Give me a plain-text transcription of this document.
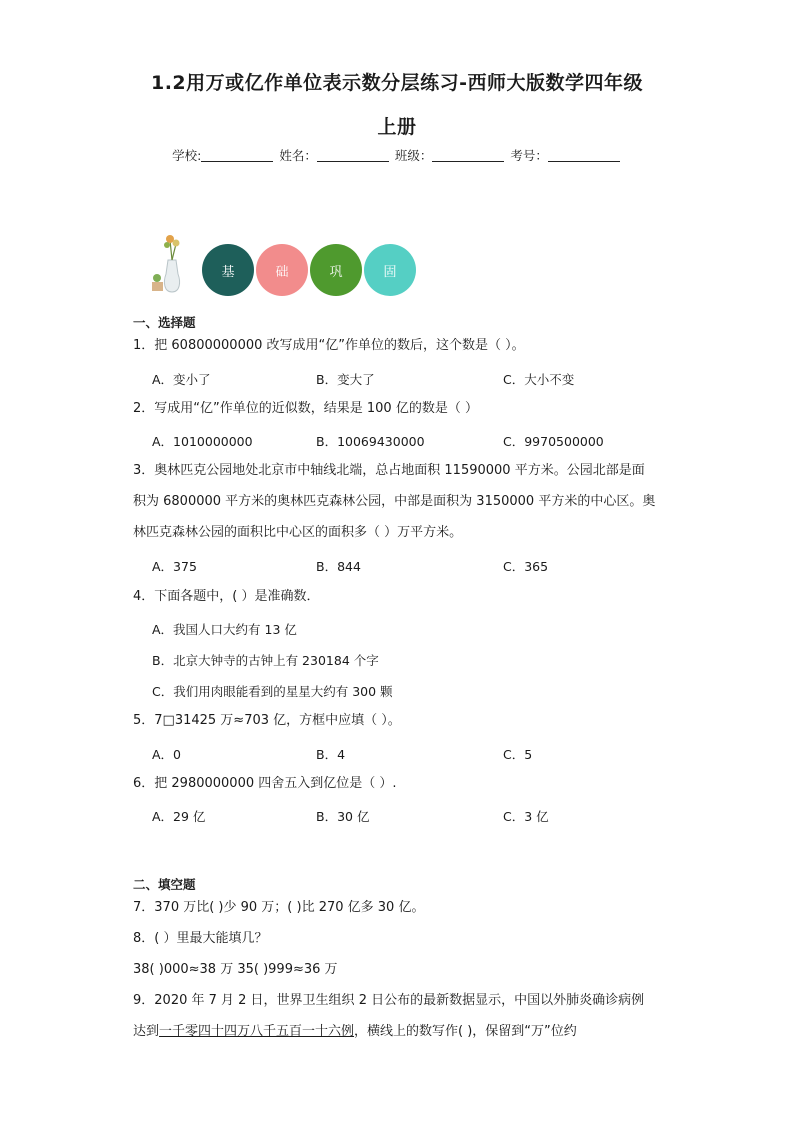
1.2用万或亿作单位表示数分层练习-西师大版数学四年级
上册
学校:	姓名：	班级：	考号：
基	础	巩	固
一、选择题
1．把 60800000000 改写成用“亿”作单位的数后，这个数是（ ）。
A．变小了	B．变大了	C．大小不变
2．写成用“亿”作单位的近似数，结果是 100 亿的数是（ ）
A．1010000000	B．10069430000	C．9970500000
3．奥林匹克公园地处北京市中轴线北端，总占地面积 11590000 平方米。公园北部是面
积为 6800000 平方米的奥林匹克森林公园，中部是面积为 3150000 平方米的中心区。奥
林匹克森林公园的面积比中心区的面积多（ ）万平方米。
A．375	B．844	C．365
4．下面各题中，( ）是准确数．
A．我国人口大约有 13 亿
B．北京大钟寺的古钟上有 230184 个字
C．我们用肉眼能看到的星星大约有 300 颗
5．7□31425 万≈703 亿，方框中应填（ ）。
A．0	B．4	C．5
6．把 2980000000 四舍五入到亿位是（ ）.
A．29 亿	B．30 亿	C．3 亿
二、填空题
7．370 万比( )少 90 万；( )比 270 亿多 30 亿。
8．( ）里最大能填几？
38( )000≈38 万 35( )999≈36 万
9．2020 年 7 月 2 日，世界卫生组织 2 日公布的最新数据显示，中国以外肺炎确诊病例
达到一千零四十四万八千五百一十六例，横线上的数写作( )，保留到“万”位约
